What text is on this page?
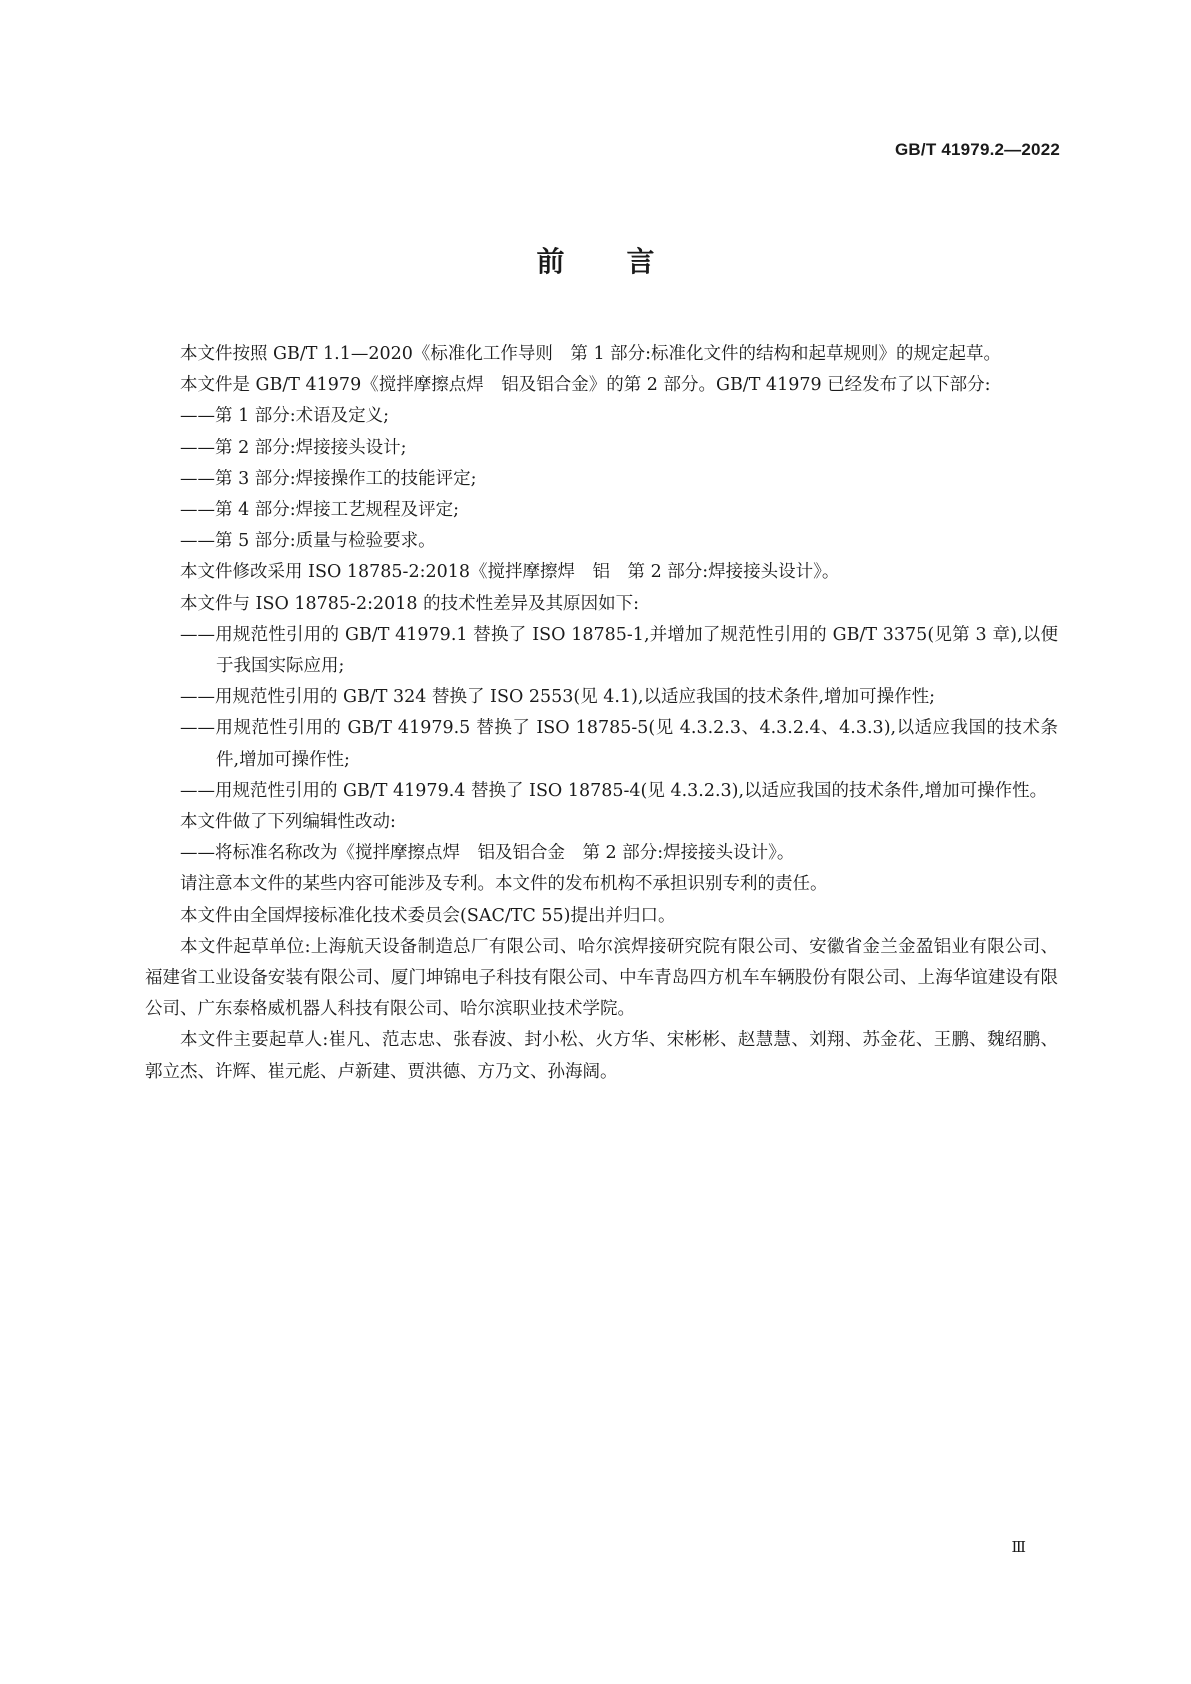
GB/T 41979.2—2022
前 言

本文件按照 GB/T 1.1—2020《标准化工作导则　第 1 部分:标准化文件的结构和起草规则》的规定起草。

本文件是 GB/T 41979《搅拌摩擦点焊　铝及铝合金》的第 2 部分。GB/T 41979 已经发布了以下部分:

——第 1 部分:术语及定义;

——第 2 部分:焊接接头设计;

——第 3 部分:焊接操作工的技能评定;

——第 4 部分:焊接工艺规程及评定;

——第 5 部分:质量与检验要求。

本文件修改采用 ISO 18785-2:2018《搅拌摩擦焊　铝　第 2 部分:焊接接头设计》。

本文件与 ISO 18785-2:2018 的技术性差异及其原因如下:

——用规范性引用的 GB/T 41979.1 替换了 ISO 18785-1,并增加了规范性引用的 GB/T 3375(见第 3 章),以便于我国实际应用;

——用规范性引用的 GB/T 324 替换了 ISO 2553(见 4.1),以适应我国的技术条件,增加可操作性;

——用规范性引用的 GB/T 41979.5 替换了 ISO 18785-5(见 4.3.2.3、4.3.2.4、4.3.3),以适应我国的技术条件,增加可操作性;

——用规范性引用的 GB/T 41979.4 替换了 ISO 18785-4(见 4.3.2.3),以适应我国的技术条件,增加可操作性。

本文件做了下列编辑性改动:

——将标准名称改为《搅拌摩擦点焊　铝及铝合金　第 2 部分:焊接接头设计》。

请注意本文件的某些内容可能涉及专利。本文件的发布机构不承担识别专利的责任。

本文件由全国焊接标准化技术委员会(SAC/TC 55)提出并归口。

本文件起草单位:上海航天设备制造总厂有限公司、哈尔滨焊接研究院有限公司、安徽省金兰金盈铝业有限公司、福建省工业设备安装有限公司、厦门坤锦电子科技有限公司、中车青岛四方机车车辆股份有限公司、上海华谊建设有限公司、广东泰格威机器人科技有限公司、哈尔滨职业技术学院。

本文件主要起草人:崔凡、范志忠、张春波、封小松、火方华、宋彬彬、赵慧慧、刘翔、苏金花、王鹏、魏绍鹏、郭立杰、许辉、崔元彪、卢新建、贾洪德、方乃文、孙海阔。

Ⅲ
